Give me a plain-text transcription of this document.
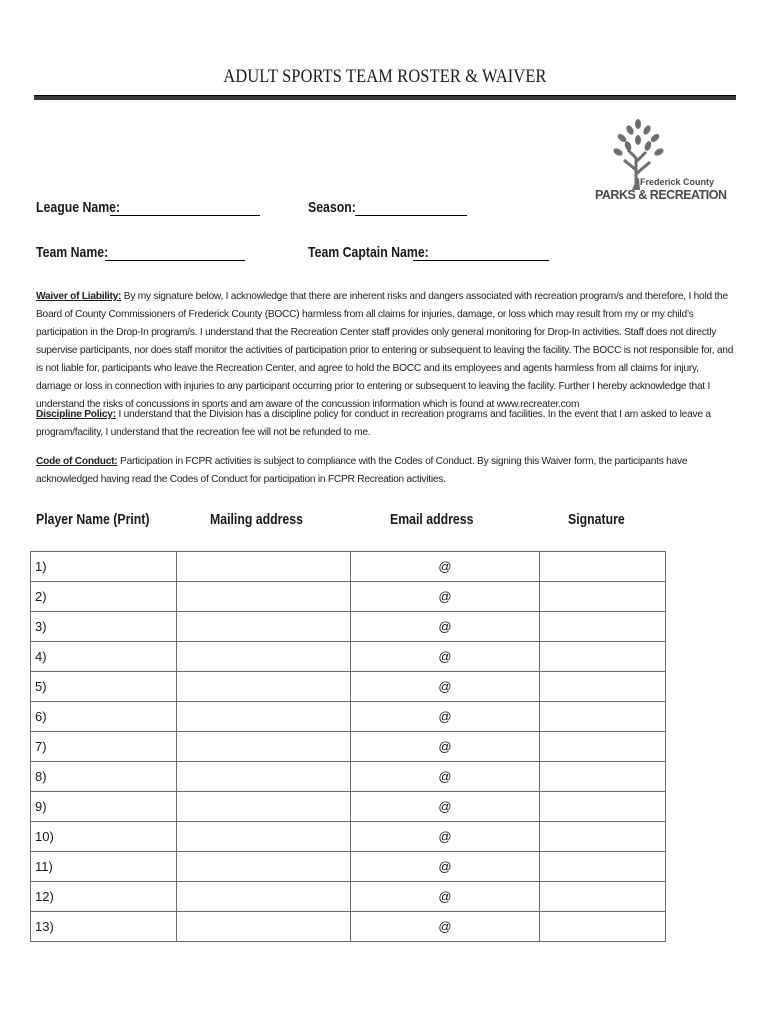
ADULT SPORTS TEAM ROSTER & WAIVER
Frederick County
PARKS & RECREATION
League Name:	Season:
Team Name:	Team Captain Name:
Waiver of Liability: By my signature below, I acknowledge that there are inherent risks and dangers associated with recreation program/s and therefore, I hold the Board of County Commissioners of Frederick County (BOCC) harmless from all claims for injuries, damage, or loss which may result from my or my child’s participation in the Drop-In program/s. I understand that the Recreation Center staff provides only general monitoring for Drop-In activities. Staff does not directly supervise participants, nor does staff monitor the activities of participation prior to entering or subsequent to leaving the facility. The BOCC is not responsible for, and is not liable for, participants who leave the Recreation Center, and agree to hold the BOCC and its employees and agents harmless from all claims for injury, damage or loss in connection with injuries to any participant occurring prior to entering or subsequent to leaving the facility. Further I hereby acknowledge that I understand the risks of concussions in sports and am aware of the concussion information which is found at www.recreater.com
Discipline Policy: I understand that the Division has a discipline policy for conduct in recreation programs and facilities. In the event that I am asked to leave a program/facility, I understand that the recreation fee will not be refunded to me.
Code of Conduct: Participation in FCPR activities is subject to compliance with the Codes of Conduct. By signing this Waiver form, the participants have acknowledged having read the Codes of Conduct for participation in FCPR Recreation activities.
Player Name (Print)	Mailing address	Email address	Signature
1)		@	
2)		@	
3)		@	
4)		@	
5)		@	
6)		@	
7)		@	
8)		@	
9)		@	
10)		@	
11)		@	
12)		@	
13)		@	
